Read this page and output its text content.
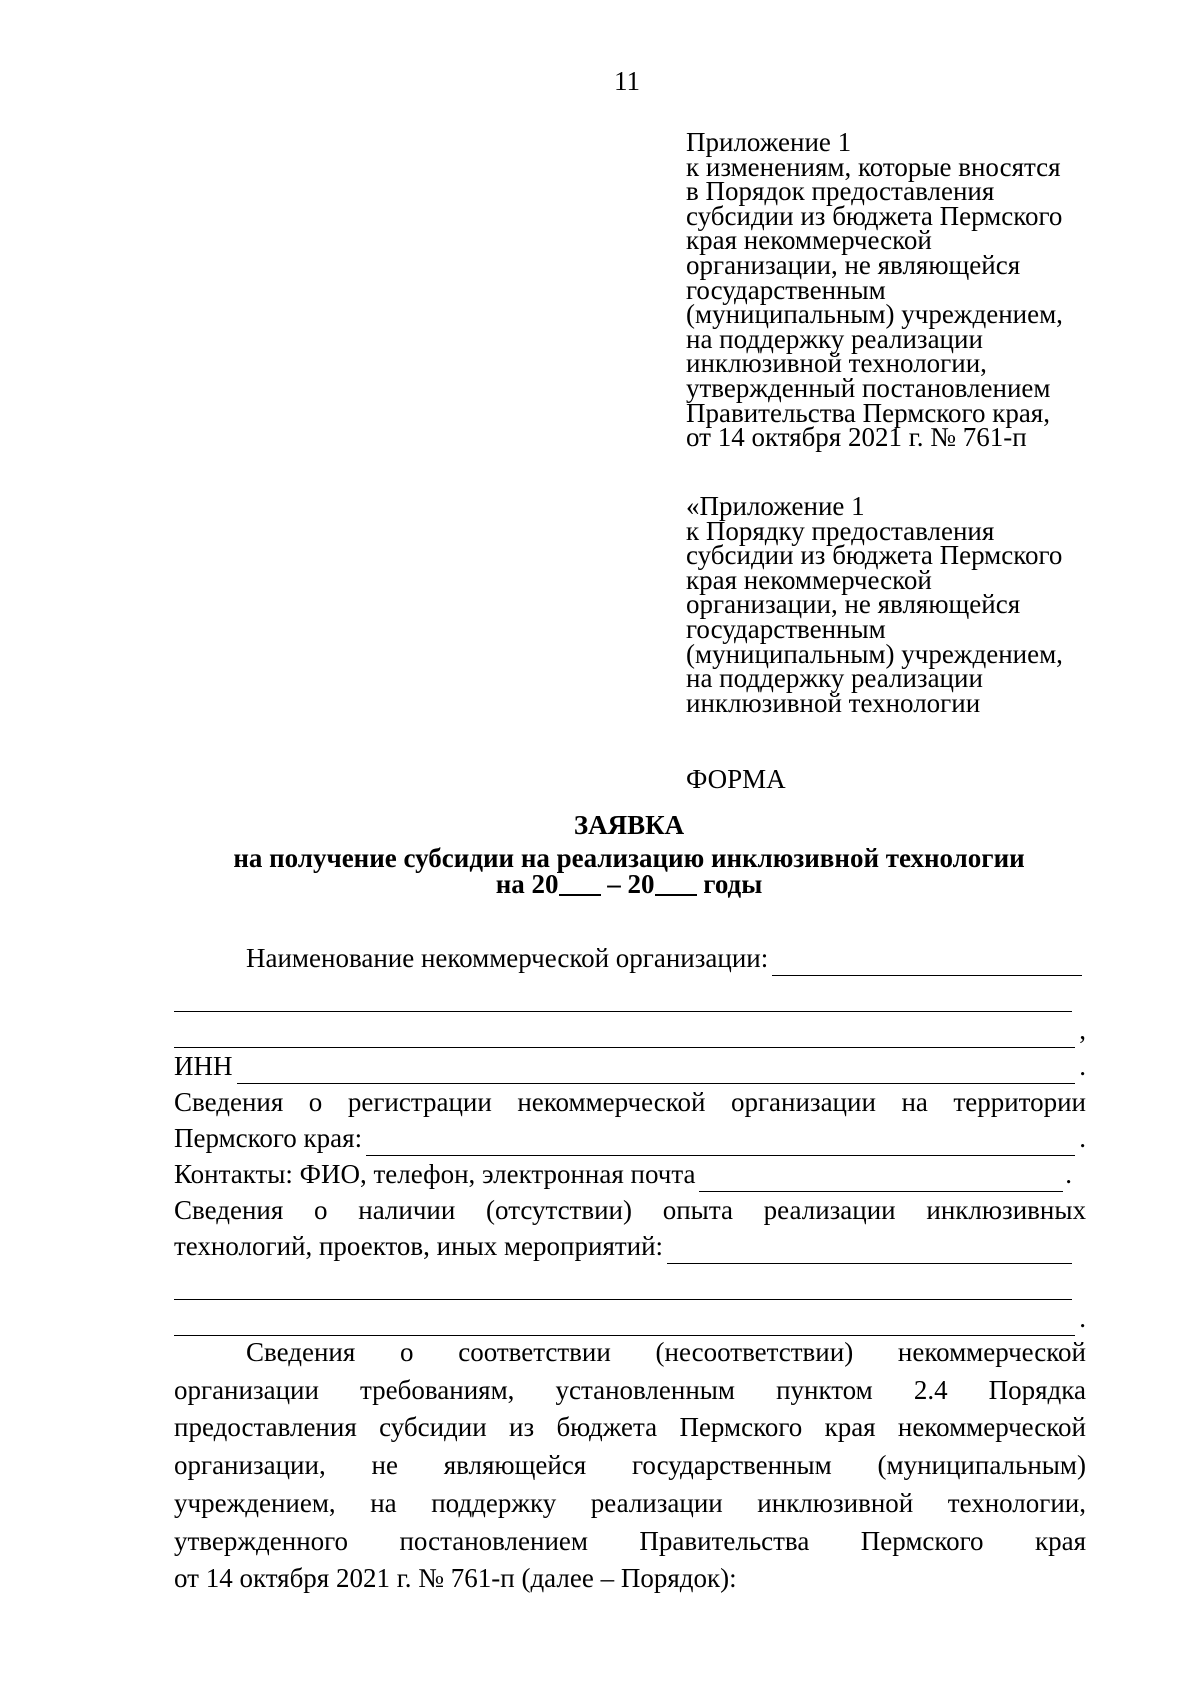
11
Приложение 1
к изменениям, которые вносятся
в Порядок предоставления
субсидии из бюджета Пермского
края некоммерческой
организации, не являющейся
государственным
(муниципальным) учреждением,
на поддержку реализации
инклюзивной технологии,
утвержденный постановлением
Правительства Пермского края,
от 14 октября 2021 г. № 761-п
«Приложение 1
к Порядку предоставления
субсидии из бюджета Пермского
края некоммерческой
организации, не являющейся
государственным
(муниципальным) учреждением,
на поддержку реализации
инклюзивной технологии
ФОРМА
ЗАЯВКА
на получение субсидии на реализацию инклюзивной технологии
на 20 – 20 годы
Наименование некоммерческой организации:
,
ИНН	.
Сведения о регистрации некоммерческой организации на территории
Пермского края:	.
Контакты: ФИО, телефон, электронная почта	.
Сведения о наличии (отсутствии) опыта реализации инклюзивных
технологий, проектов, иных мероприятий:
.
Сведения о соответствии (несоответствии) некоммерческой
организации требованиям, установленным пунктом 2.4 Порядка
предоставления субсидии из бюджета Пермского края некоммерческой
организации, не являющейся государственным (муниципальным)
учреждением, на поддержку реализации инклюзивной технологии,
утвержденного постановлением Правительства Пермского края
от 14 октября 2021 г. № 761-п (далее – Порядок):
